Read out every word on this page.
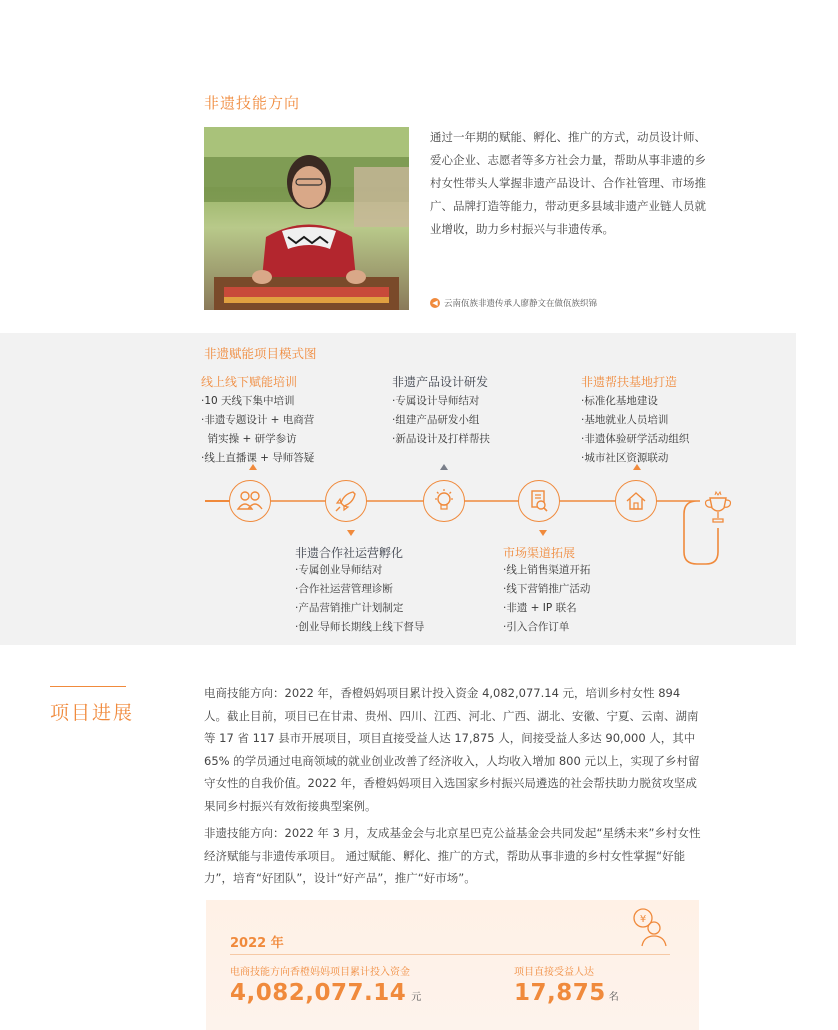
非遗技能方向
通过一年期的赋能、孵化、推广的方式，动员设计师、爱心企业、志愿者等多方社会力量，帮助从事非遗的乡村女性带头人掌握非遗产品设计、合作社管理、市场推广、品牌打造等能力，带动更多县域非遗产业链人员就业增收，助力乡村振兴与非遗传承。
◀ 云南佤族非遗传承人廖静文在做佤族织锦
非遗赋能项目模式图
线上线下赋能培训
·10 天线下集中培训
·非遗专题设计 + 电商营
销实操 + 研学参访
·线上直播课 + 导师答疑
非遗产品设计研发
·专属设计导师结对
·组建产品研发小组
·新品设计及打样帮扶
非遗帮扶基地打造
·标准化基地建设
·基地就业人员培训
·非遗体验研学活动组织
·城市社区资源联动
非遗合作社运营孵化
·专属创业导师结对
·合作社运营管理诊断
·产品营销推广计划制定
·创业导师长期线上线下督导
市场渠道拓展
·线上销售渠道开拓
·线下营销推广活动
·非遗 + IP 联名
·引入合作订单
项目进展
电商技能方向：2022 年，香橙妈妈项目累计投入资金 4,082,077.14 元，培训乡村女性 894 人。截止目前，项目已在甘肃、贵州、四川、江西、河北、广西、湖北、安徽、宁夏、云南、湖南等 17 省 117 县市开展项目，项目直接受益人达 17,875 人，间接受益人多达 90,000 人，其中 65% 的学员通过电商领域的就业创业改善了经济收入，人均收入增加 800 元以上，实现了乡村留守女性的自我价值。2022 年，香橙妈妈项目入选国家乡村振兴局遴选的社会帮扶助力脱贫攻坚成果同乡村振兴有效衔接典型案例。
非遗技能方向：2022 年 3 月，友成基金会与北京星巴克公益基金会共同发起“星绣未来”乡村女性经济赋能与非遗传承项目。 通过赋能、孵化、推广的方式，帮助从事非遗的乡村女性掌握“好能力”，培育“好团队”，设计“好产品”，推广“好市场”。
¥
2022 年
电商技能方向香橙妈妈项目累计投入资金
4,082,077.14 元
项目直接受益人达
17,875 名
